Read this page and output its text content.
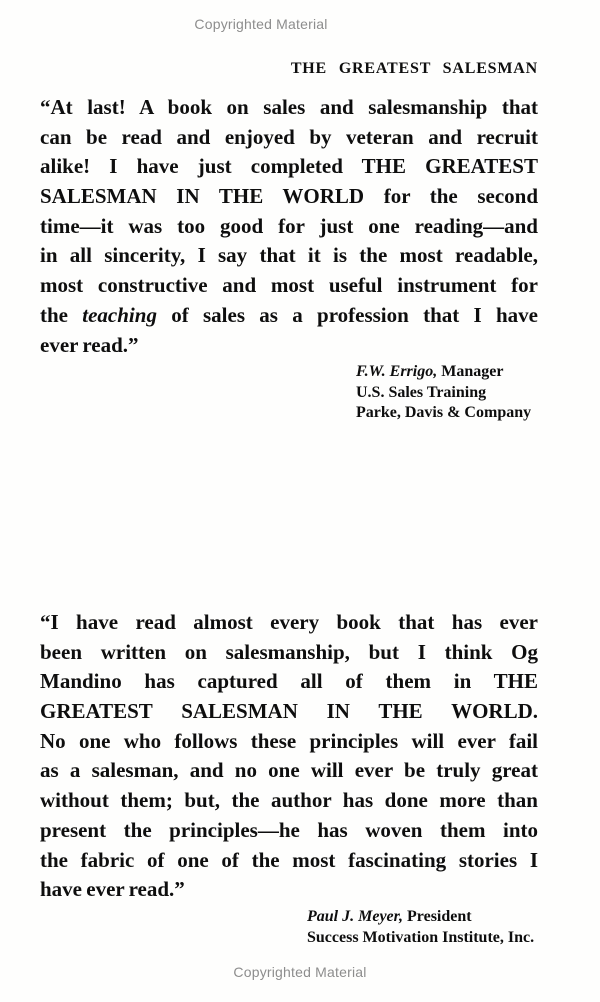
Copyrighted Material
THE GREATEST SALESMAN
“At last! A book on sales and salesmanship that
can be read and enjoyed by veteran and recruit
alike! I have just completed THE GREATEST
SALESMAN IN THE WORLD for the second
time—it was too good for just one reading—and
in all sincerity, I say that it is the most readable,
most constructive and most useful instrument for
the teaching of sales as a profession that I have
ever read.”
F.W. Errigo, Manager
U.S. Sales Training
Parke, Davis & Company
“I have read almost every book that has ever
been written on salesmanship, but I think Og
Mandino has captured all of them in THE
GREATEST SALESMAN IN THE WORLD.
No one who follows these principles will ever fail
as a salesman, and no one will ever be truly great
without them; but, the author has done more than
present the principles—he has woven them into
the fabric of one of the most fascinating stories I
have ever read.”
Paul J. Meyer, President
Success Motivation Institute, Inc.
Copyrighted Material
